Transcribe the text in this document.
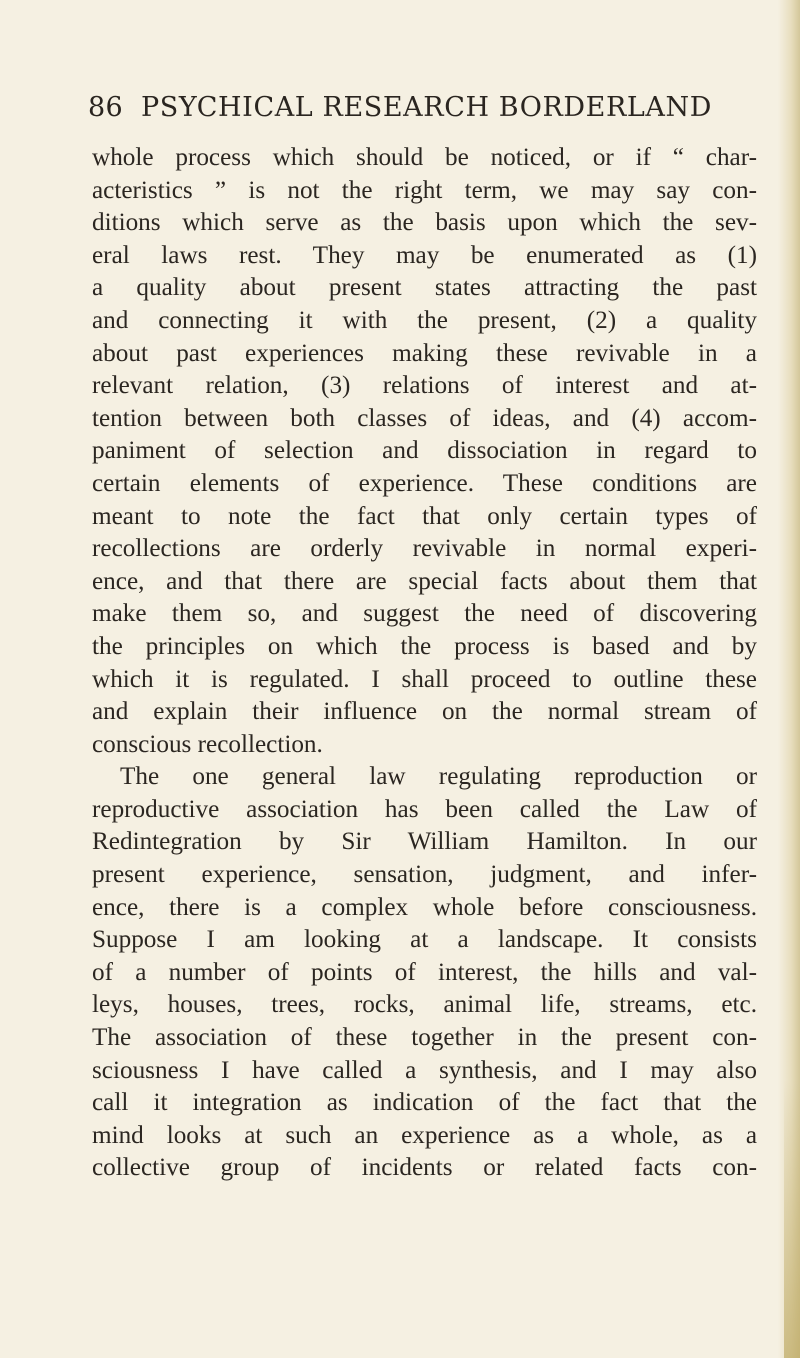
86 PSYCHICAL RESEARCH BORDERLAND

whole process which should be noticed, or if “ char-
acteristics ” is not the right term, we may say con-
ditions which serve as the basis upon which the sev-
eral laws rest. They may be enumerated as (1)
a quality about present states attracting the past
and connecting it with the present, (2) a quality
about past experiences making these revivable in a
relevant relation, (3) relations of interest and at-
tention between both classes of ideas, and (4) accom-
paniment of selection and dissociation in regard to
certain elements of experience. These conditions are
meant to note the fact that only certain types of
recollections are orderly revivable in normal experi-
ence, and that there are special facts about them that
make them so, and suggest the need of discovering
the principles on which the process is based and by
which it is regulated. I shall proceed to outline these
and explain their influence on the normal stream of
conscious recollection.

The one general law regulating reproduction or
reproductive association has been called the Law of
Redintegration by Sir William Hamilton. In our
present experience, sensation, judgment, and infer-
ence, there is a complex whole before consciousness.
Suppose I am looking at a landscape. It consists
of a number of points of interest, the hills and val-
leys, houses, trees, rocks, animal life, streams, etc.
The association of these together in the present con-
sciousness I have called a synthesis, and I may also
call it integration as indication of the fact that the
mind looks at such an experience as a whole, as a
collective group of incidents or related facts con-
